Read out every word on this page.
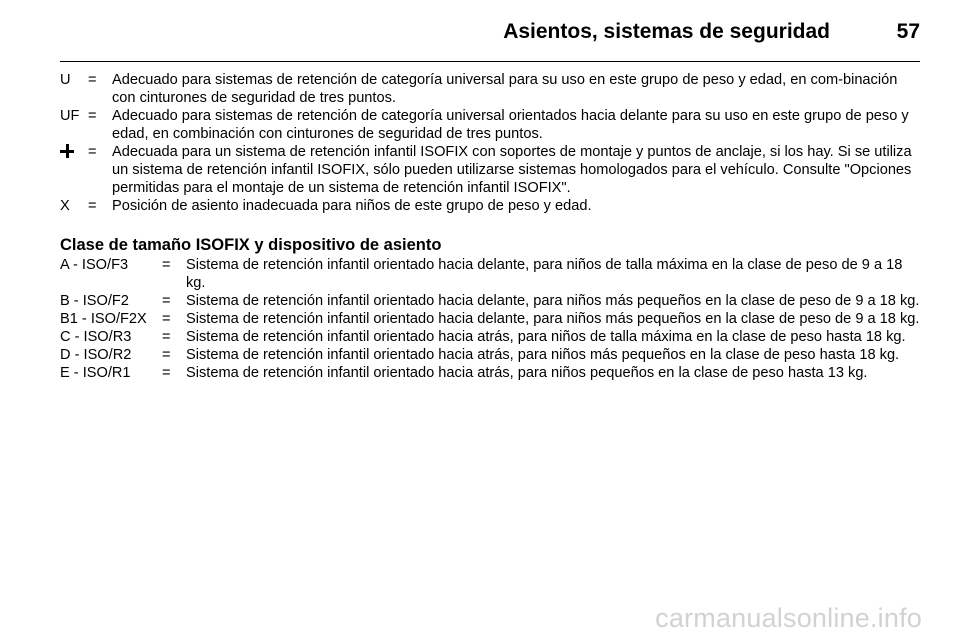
Asientos, sistemas de seguridad	57
U	=	Adecuado para sistemas de retención de categoría universal para su uso en este grupo de peso y edad, en com-binación con cinturones de seguridad de tres puntos.
UF =	Adecuado para sistemas de retención de categoría universal orientados hacia delante para su uso en este grupo de peso y edad, en combinación con cinturones de seguridad de tres puntos.
=	Adecuada para un sistema de retención infantil ISOFIX con soportes de montaje y puntos de anclaje, si los hay. Si se utiliza un sistema de retención infantil ISOFIX, sólo pueden utilizarse sistemas homologados para el vehículo. Consulte "Opciones permitidas para el montaje de un sistema de retención infantil ISOFIX".
X	=	Posición de asiento inadecuada para niños de este grupo de peso y edad.
Clase de tamaño ISOFIX y dispositivo de asiento
A - ISO/F3	=	Sistema de retención infantil orientado hacia delante, para niños de talla máxima en la clase de peso de 9 a 18 kg.
B - ISO/F2	=	Sistema de retención infantil orientado hacia delante, para niños más pequeños en la clase de peso de 9 a 18 kg.
B1 - ISO/F2X	=	Sistema de retención infantil orientado hacia delante, para niños más pequeños en la clase de peso de 9 a 18 kg.
C - ISO/R3	=	Sistema de retención infantil orientado hacia atrás, para niños de talla máxima en la clase de peso hasta 18 kg.
D - ISO/R2	=	Sistema de retención infantil orientado hacia atrás, para niños más pequeños en la clase de peso hasta 18 kg.
E - ISO/R1	=	Sistema de retención infantil orientado hacia atrás, para niños pequeños en la clase de peso hasta 13 kg.
carmanualsonline.info
